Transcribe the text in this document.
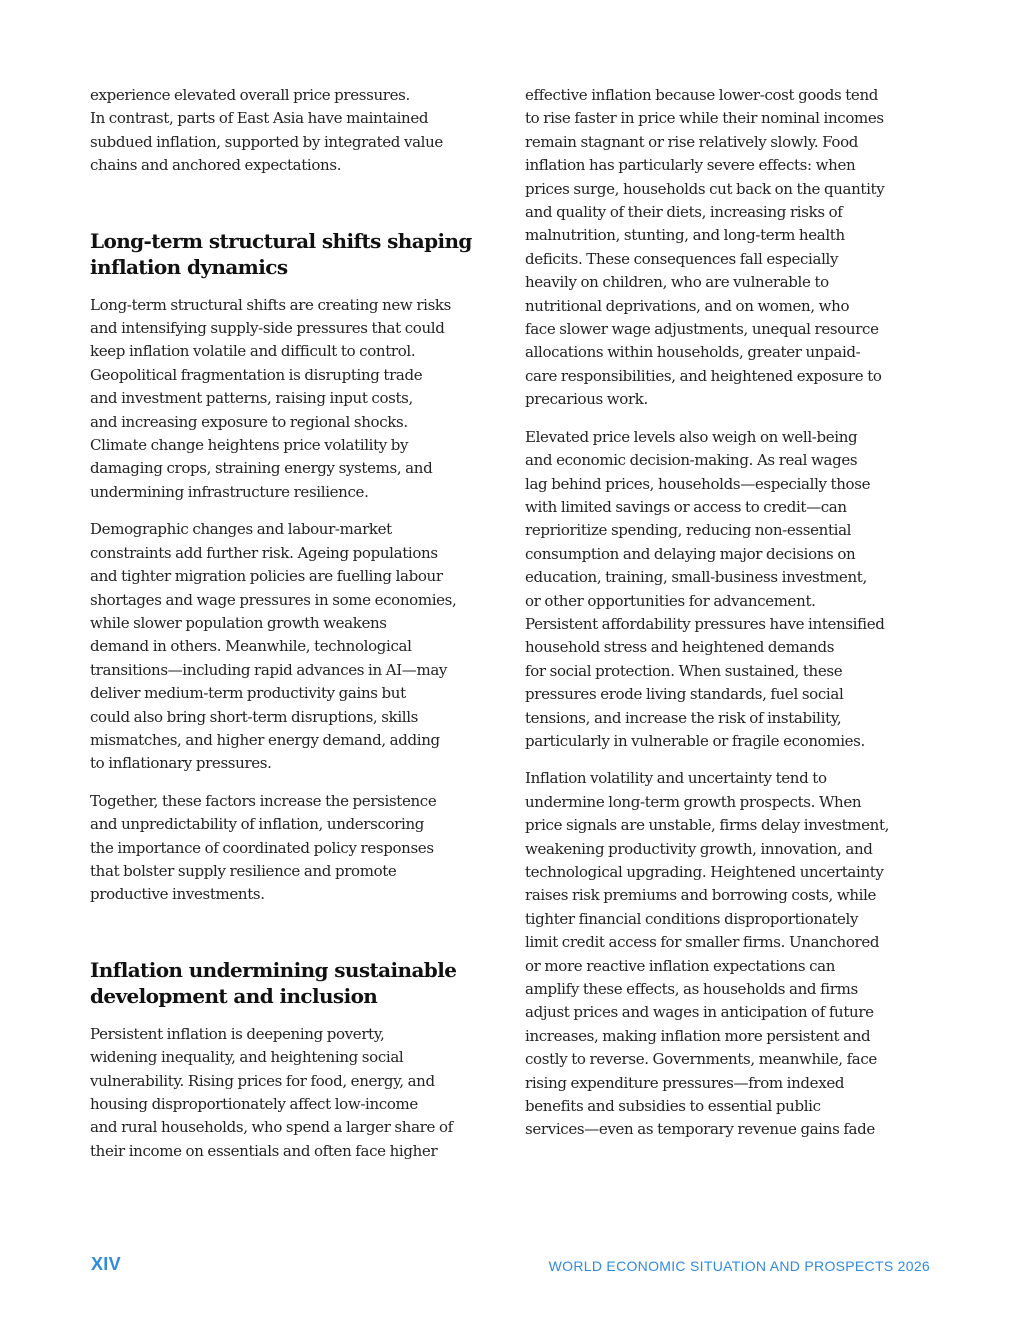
experience elevated overall price pressures.
In contrast, parts of East Asia have maintained
subdued inflation, supported by integrated value
chains and anchored expectations.

Long-term structural shifts shaping
inflation dynamics

Long-term structural shifts are creating new risks
and intensifying supply-side pressures that could
keep inflation volatile and difficult to control.
Geopolitical fragmentation is disrupting trade
and investment patterns, raising input costs,
and increasing exposure to regional shocks.
Climate change heightens price volatility by
damaging crops, straining energy systems, and
undermining infrastructure resilience.

Demographic changes and labour-market
constraints add further risk. Ageing populations
and tighter migration policies are fuelling labour
shortages and wage pressures in some economies,
while slower population growth weakens
demand in others. Meanwhile, technological
transitions—including rapid advances in AI—may
deliver medium-term productivity gains but
could also bring short-term disruptions, skills
mismatches, and higher energy demand, adding
to inflationary pressures.

Together, these factors increase the persistence
and unpredictability of inflation, underscoring
the importance of coordinated policy responses
that bolster supply resilience and promote
productive investments.

Inflation undermining sustainable
development and inclusion

Persistent inflation is deepening poverty,
widening inequality, and heightening social
vulnerability. Rising prices for food, energy, and
housing disproportionately affect low-income
and rural households, who spend a larger share of
their income on essentials and often face higher

effective inflation because lower-cost goods tend
to rise faster in price while their nominal incomes
remain stagnant or rise relatively slowly. Food
inflation has particularly severe effects: when
prices surge, households cut back on the quantity
and quality of their diets, increasing risks of
malnutrition, stunting, and long-term health
deficits. These consequences fall especially
heavily on children, who are vulnerable to
nutritional deprivations, and on women, who
face slower wage adjustments, unequal resource
allocations within households, greater unpaid-
care responsibilities, and heightened exposure to
precarious work.

Elevated price levels also weigh on well-being
and economic decision-making. As real wages
lag behind prices, households—especially those
with limited savings or access to credit—can
reprioritize spending, reducing non-essential
consumption and delaying major decisions on
education, training, small-business investment,
or other opportunities for advancement.
Persistent affordability pressures have intensified
household stress and heightened demands
for social protection. When sustained, these
pressures erode living standards, fuel social
tensions, and increase the risk of instability,
particularly in vulnerable or fragile economies.

Inflation volatility and uncertainty tend to
undermine long-term growth prospects. When
price signals are unstable, firms delay investment,
weakening productivity growth, innovation, and
technological upgrading. Heightened uncertainty
raises risk premiums and borrowing costs, while
tighter financial conditions disproportionately
limit credit access for smaller firms. Unanchored
or more reactive inflation expectations can
amplify these effects, as households and firms
adjust prices and wages in anticipation of future
increases, making inflation more persistent and
costly to reverse. Governments, meanwhile, face
rising expenditure pressures—from indexed
benefits and subsidies to essential public
services—even as temporary revenue gains fade

XIV	WORLD ECONOMIC SITUATION AND PROSPECTS 2026
